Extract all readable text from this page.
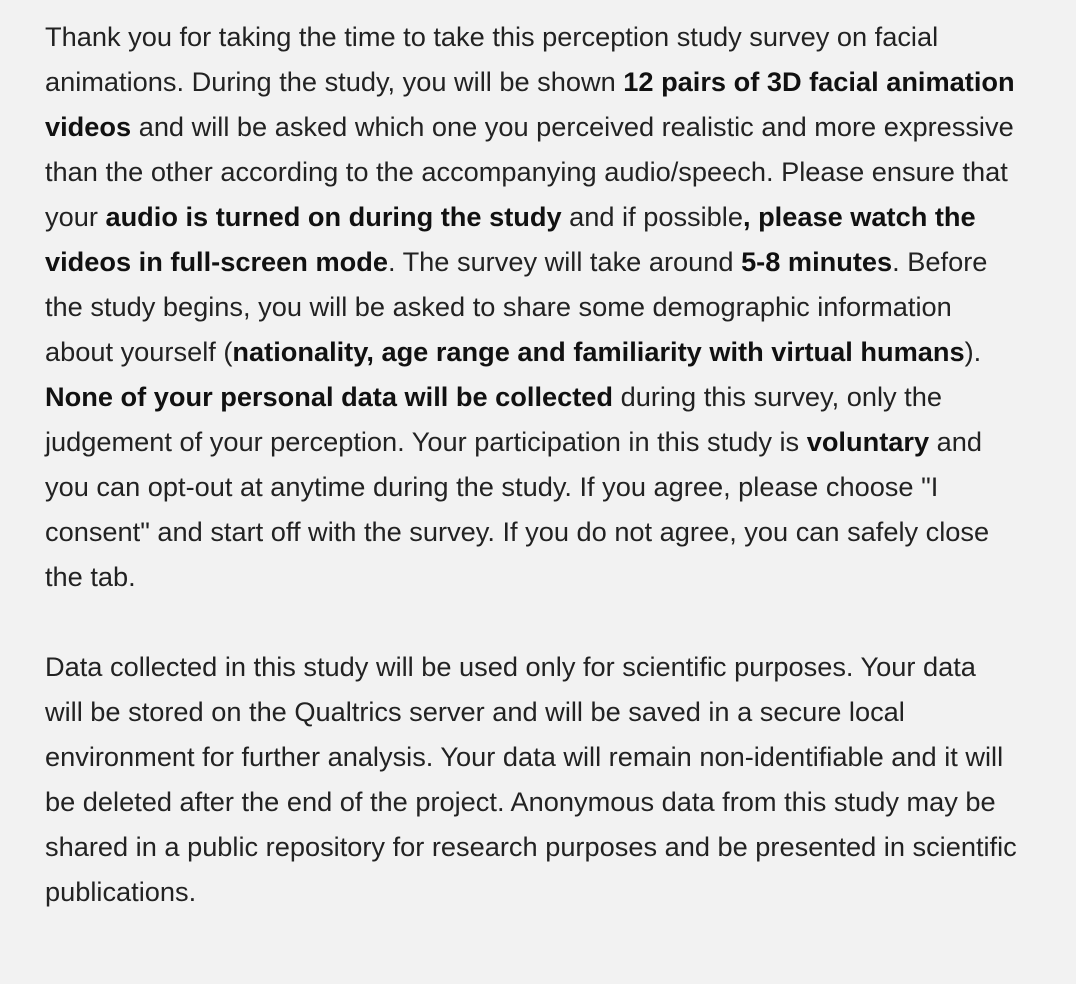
Thank you for taking the time to take this perception study survey on facial animations. During the study, you will be shown 12 pairs of 3D facial animation videos and will be asked which one you perceived realistic and more expressive than the other according to the accompanying audio/speech. Please ensure that your audio is turned on during the study and if possible, please watch the videos in full-screen mode. The survey will take around 5-8 minutes. Before the study begins, you will be asked to share some demographic information about yourself (nationality, age range and familiarity with virtual humans). None of your personal data will be collected during this survey, only the judgement of your perception. Your participation in this study is voluntary and you can opt-out at anytime during the study. If you agree, please choose "I consent" and start off with the survey. If you do not agree, you can safely close the tab.

Data collected in this study will be used only for scientific purposes. Your data will be stored on the Qualtrics server and will be saved in a secure local environment for further analysis. Your data will remain non-identifiable and it will be deleted after the end of the project. Anonymous data from this study may be shared in a public repository for research purposes and be presented in scientific publications.
